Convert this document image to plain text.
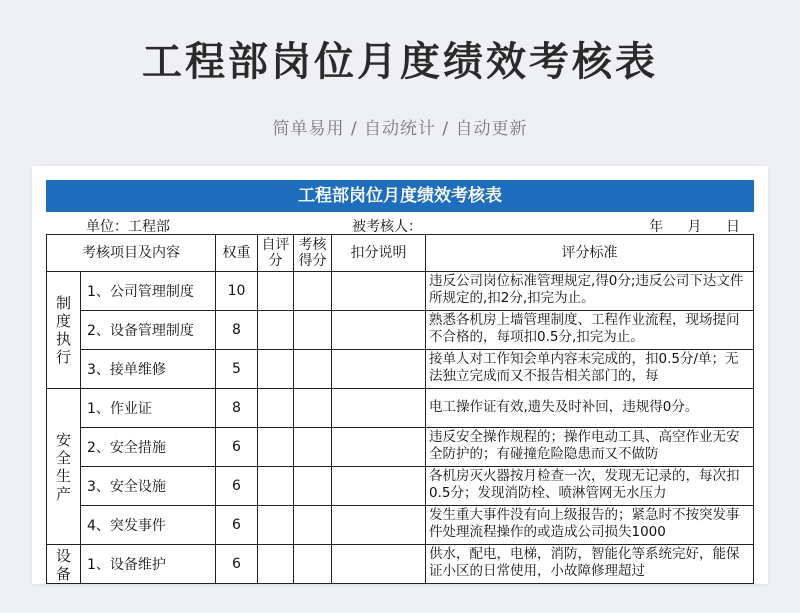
工程部岗位月度绩效考核表
简单易用 / 自动统计 / 自动更新
工程部岗位月度绩效考核表
单位：工程部	被考核人：	年 月 日
考核项目及内容		权重	自评分	考核得分	扣分说明	评分标准
制度执行	1、公司管理制度	10				违反公司岗位标准管理规定,得0分;违反公司下达文件所规定的,扣2分,扣完为止。

	2、设备管理制度	8				熟悉各机房上墙管理制度、工程作业流程，现场提问不合格的，每项扣0.5分,扣完为止。

	3、接单维修	5				接单人对工作知会单内容未完成的，扣0.5分/单；无法独立完成而又不报告相关部门的，每

安全生产	1、作业证	8				电工操作证有效,遗失及时补回，违规得0分。

	2、安全措施	6				违反安全操作规程的；操作电动工具、高空作业无安全防护的；有碰撞危险隐患而又不做防

	3、安全设施	6				各机房灭火器按月检查一次，发现无记录的，每次扣0.5分；发现消防栓、喷淋管网无水压力

	4、突发事件	6				发生重大事件没有向上级报告的；紧急时不按突发事件处理流程操作的或造成公司损失1000

设备	1、设备维护	6				供水，配电，电梯，消防，智能化等系统完好，能保证小区的日常使用，小故障修理超过
